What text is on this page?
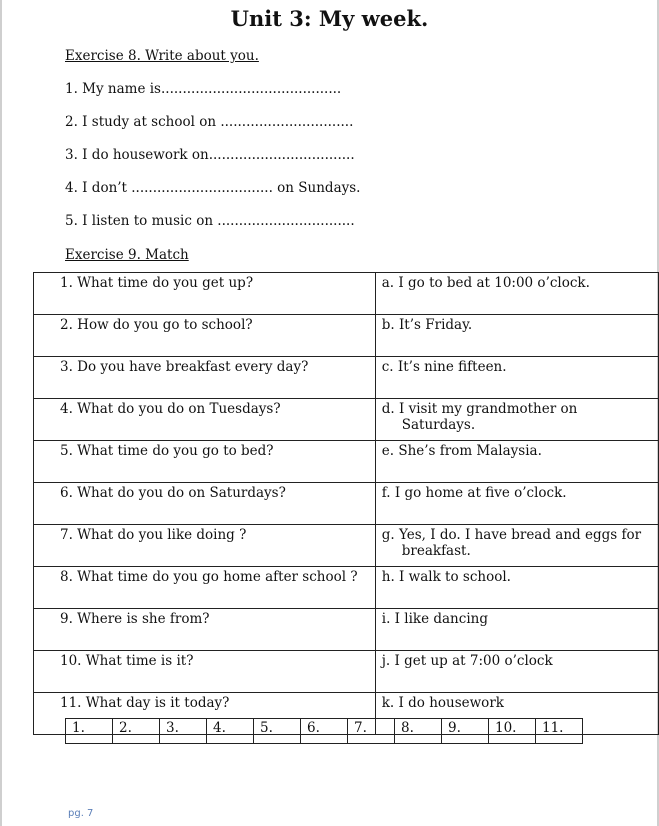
Unit 3: My week.
Exercise 8. Write about you.
1. My name is..........................................
2. I study at school on ...............................
3. I do housework on..................................
4. I don’t ................................. on Sundays.
5. I listen to music on ................................
Exercise 9. Match
1. What time do you get up?	a. I go to bed at 10:00 o’clock.

2. How do you go to school?	b. It’s Friday.

3. Do you have breakfast every day?	c. It’s nine fifteen.

4. What do you do on Tuesdays?	d. I visit my grandmother on Saturdays.

5. What time do you go to bed?	e. She’s from Malaysia.

6. What do you do on Saturdays?	f. I go home at five o’clock.

7. What do you like doing ?	g. Yes, I do. I have bread and eggs for breakfast.

8. What time do you go home after school ?	h. I walk to school.

9. Where is she from?	i. I like dancing

10. What time is it?	j. I get up at 7:00 o’clock

11. What day is it today?	k. I do housework
1.	2.	3.	4.	5.	6.	7.	8.	9.	10.	11.
pg. 7
